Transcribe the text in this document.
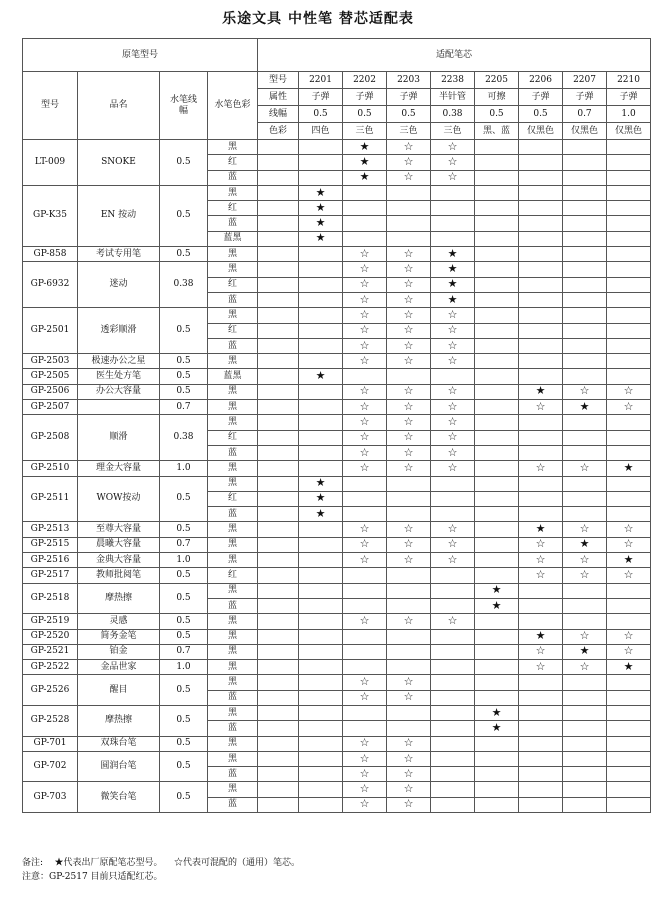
乐途文具 中性笔 替芯适配表
原笔型号				适配笔芯								
型号	品名	水笔线幅	水笔色彩	型号	2201	2202	2203	2238	2205	2206	2207	2210
				属性	子弹	子弹	子弹	半针管	可擦	子弹	子弹	子弹
				线幅	0.5	0.5	0.5	0.38	0.5	0.5	0.7	1.0
				色彩	四色	三色	三色	三色	黑、蓝	仅黑色	仅黑色	仅黑色
LT-009	SNOKE	0.5	黑			★	☆	☆				
			红			★	☆	☆				
			蓝			★	☆	☆				
GP-K35	EN 按动	0.5	黑		★							
			红		★							
			蓝		★							
			蓝黑		★							
GP-858	考试专用笔	0.5	黑			☆	☆	★				
GP-6932	迷动	0.38	黑			☆	☆	★				
			红			☆	☆	★				
			蓝			☆	☆	★				
GP-2501	透彩顺滑	0.5	黑			☆	☆	☆				
			红			☆	☆	☆				
			蓝			☆	☆	☆				
GP-2503	极速办公之星	0.5	黑			☆	☆	☆				
GP-2505	医生处方笔	0.5	蓝黑		★							
GP-2506	办公大容量	0.5	黑			☆	☆	☆		★	☆	☆
GP-2507		0.7	黑			☆	☆	☆		☆	★	☆
GP-2508	顺滑	0.38	黑			☆	☆	☆				
			红			☆	☆	☆				
			蓝			☆	☆	☆				
GP-2510	理金大容量	1.0	黑			☆	☆	☆		☆	☆	★
GP-2511	WOW按动	0.5	黑		★							
			红		★							
			蓝		★							
GP-2513	至尊大容量	0.5	黑			☆	☆	☆		★	☆	☆
GP-2515	晨曦大容量	0.7	黑			☆	☆	☆		☆	★	☆
GP-2516	金典大容量	1.0	黑			☆	☆	☆		☆	☆	★
GP-2517	教师批阅笔	0.5	红							☆	☆	☆
GP-2518	摩热擦	0.5	黑						★			
			蓝						★			
GP-2519	灵感	0.5	黑			☆	☆	☆				
GP-2520	简务金笔	0.5	黑							★	☆	☆
GP-2521	铂金	0.7	黑							☆	★	☆
GP-2522	金品世家	1.0	黑							☆	☆	★
GP-2526	醒目	0.5	黑			☆	☆					
			蓝			☆	☆					
GP-2528	摩热擦	0.5	黑						★			
			蓝						★			
GP-701	双珠台笔	0.5	黑			☆	☆					
GP-702	圆润台笔	0.5	黑			☆	☆					
			蓝			☆	☆					
GP-703	微笑台笔	0.5	黑			☆	☆					
			蓝			☆	☆					
备注: ★代表出厂原配笔芯型号。 ☆代表可混配的（通用）笔芯。
注意：GP-2517 目前只适配红芯。
